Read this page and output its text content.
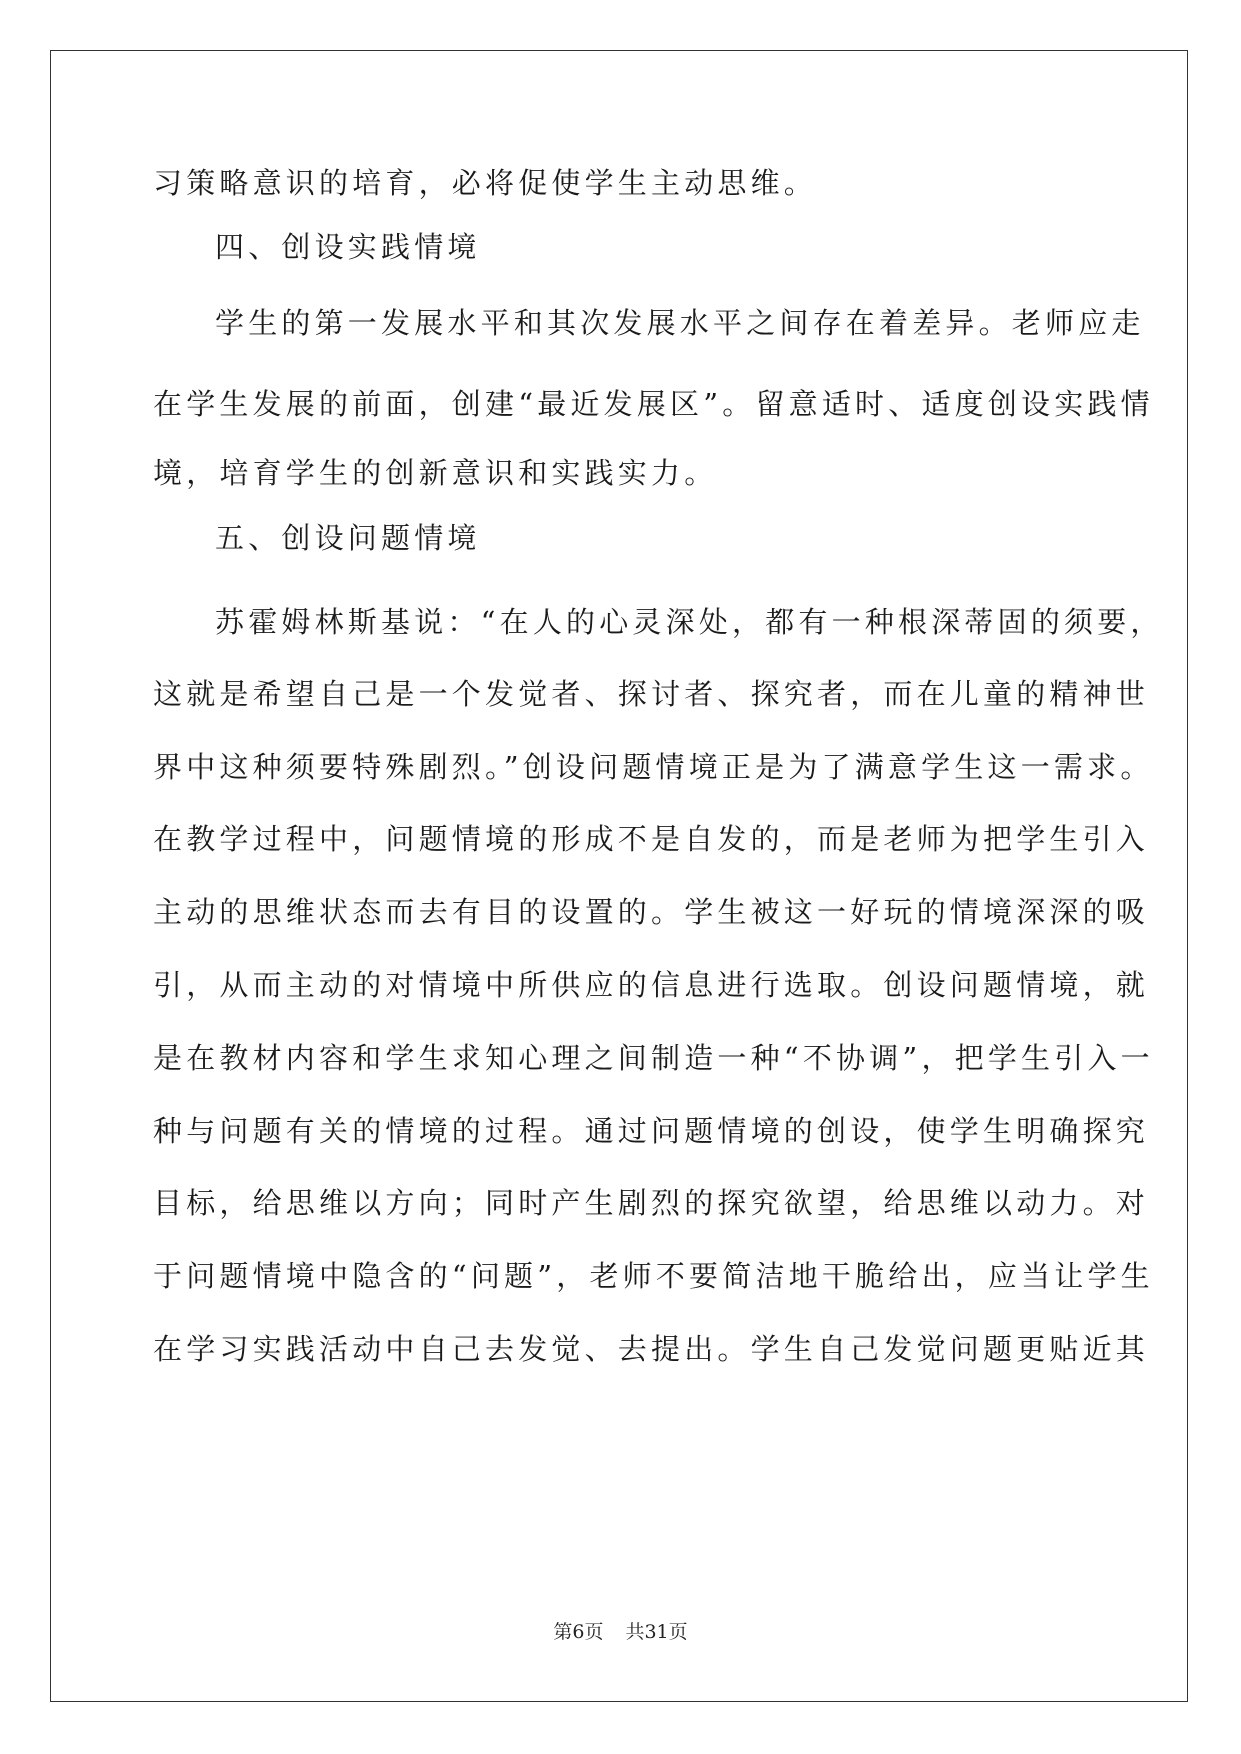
习策略意识的培育，必将促使学生主动思维。
四、创设实践情境
学生的第一发展水平和其次发展水平之间存在着差异。老师应走
在学生发展的前面，创建“最近发展区”。留意适时、适度创设实践情
境，培育学生的创新意识和实践实力。
五、创设问题情境
苏霍姆林斯基说：“在人的心灵深处，都有一种根深蒂固的须要，
这就是希望自己是一个发觉者、探讨者、探究者，而在儿童的精神世
界中这种须要特殊剧烈。”创设问题情境正是为了满意学生这一需求。
在教学过程中，问题情境的形成不是自发的，而是老师为把学生引入
主动的思维状态而去有目的设置的。学生被这一好玩的情境深深的吸
引，从而主动的对情境中所供应的信息进行选取。创设问题情境，就
是在教材内容和学生求知心理之间制造一种“不协调”，把学生引入一
种与问题有关的情境的过程。通过问题情境的创设，使学生明确探究
目标，给思维以方向；同时产生剧烈的探究欲望，给思维以动力。对
于问题情境中隐含的“问题”，老师不要简洁地干脆给出，应当让学生
在学习实践活动中自己去发觉、去提出。学生自己发觉问题更贴近其
第6页 共31页
